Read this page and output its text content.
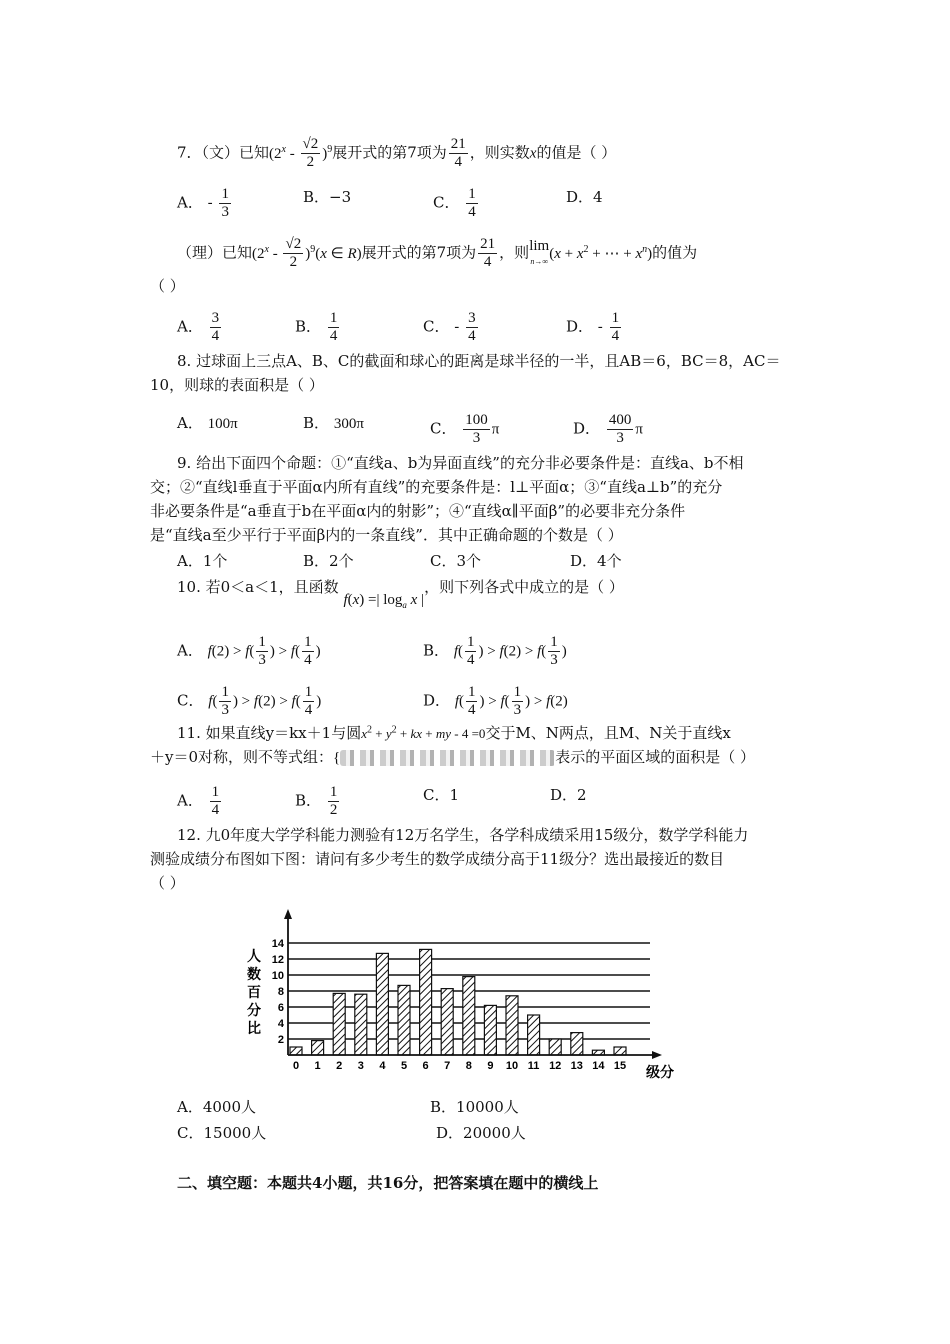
7．（文）已知$(2^x - \frac{√2}{2} )^9$展开式的第7项为 $\frac{21}{4}$ ，则实数x的值是（ ）
A． - $\frac{1}{3}$	B．−3	C． $\frac{1}{4}$	D．4
（理）已知$(2^x - \frac{√2}{2} )^9(x$ ∈ R)展开式的第7项为 $\frac{21}{4}$ ，则lim
$n\to\infty(x + x^2$ + ⋯ + $x^n$)的值为
（ ）
A． $\frac{3}{4}$	B． $\frac{1}{4}$	C． - $\frac{3}{4}$	D． - $\frac{1}{4}$
8. 过球面上三点A、B、C的截面和球心的距离是球半径的一半，且AB＝6，BC＝8，AC＝
10，则球的表面积是（ ）
A． 100π	B． 300π	C． $\frac{100}{3}$ π	D． $\frac{400}{3}$ π
9. 给出下面四个命题：①“直线a、b为异面直线”的充分非必要条件是：直线a、b不相
交；②“直线l垂直于平面α内所有直线”的充要条件是：l⊥平面α；③“直线a⊥b”的充分
非必要条件是“a垂直于b在平面α内的射影”；④“直线α∥平面β”的必要非充分条件
是“直线a至少平行于平面β内的一条直线”．其中正确命题的个数是（ ）
A．1个	B．2个	C．3个	D．4个
10. 若0＜a＜1，且函数 f(x) =| $\log_a x$ |，则下列各式中成立的是（ ）
A． $f(2) > f( \frac{1}{3}$ ) > $f( \frac{1}{4}$ )	B． $f( \frac{1}{4}$ ) > $f(2) > f( \frac{1}{3}$ )
C． $f( \frac{1}{3}$ ) > $f(2) > f( \frac{1}{4}$ )	D． $f( \frac{1}{4}$ ) > $f( \frac{1}{3}$ ) > f(2)
11. 如果直线y＝kx＋1与圆$x^2 + y^2$ + kx + my - 4 =0交于M、N两点，且M、N关于直线x
＋y＝0对称，则不等式组：{	表示的平面区域的面积是（ ）
A． $\frac{1}{4}$	B． $\frac{1}{2}$	C．1	D．2
12. 九0年度大学学科能力测验有12万名学生，各学科成绩采用15级分，数学学科能力
测验成绩分布图如下图：请问有多少考生的数学成绩分高于11级分？选出最接近的数目
（ ）
2
4
6
8
10
12
14
0 1 2 3 4 5 6 7 8 9 10 11 12 13 14 15
人
数
百
分
比
级分
A．4000人	B．10000人
C．15000人	D．20000人
二、填空题：本题共4小题，共16分，把答案填在题中的横线上
